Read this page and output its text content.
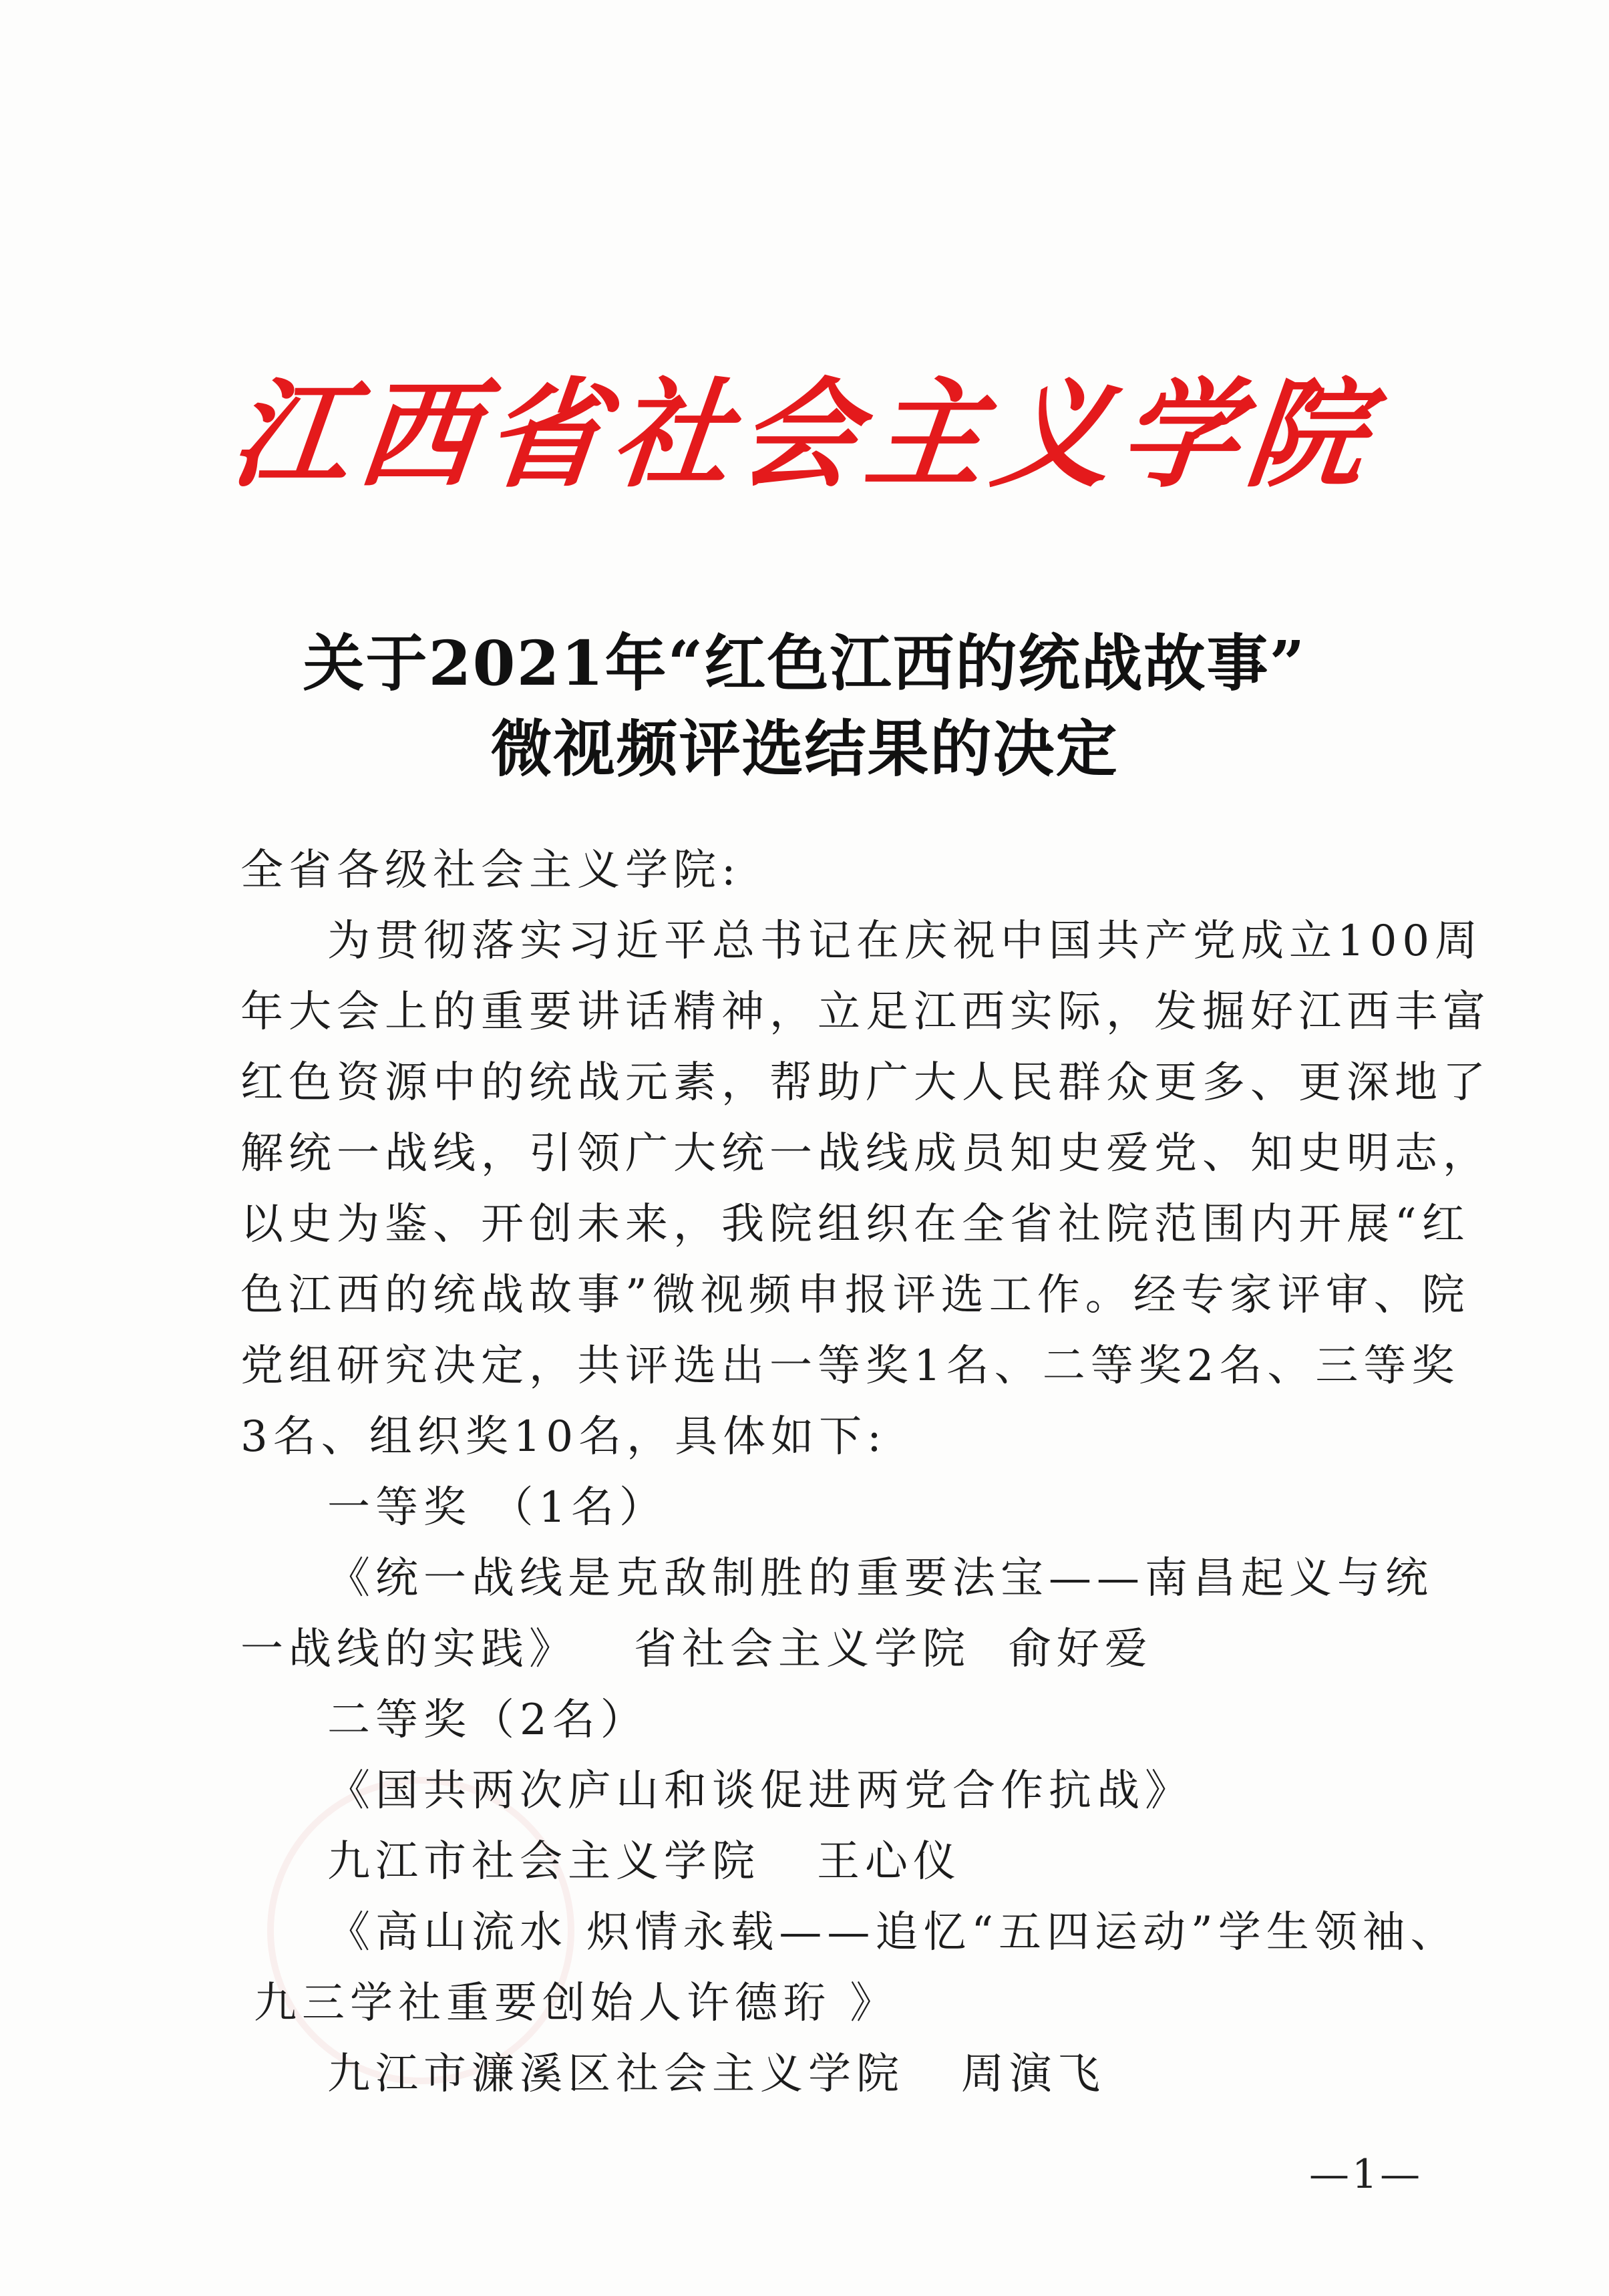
江西省社会主义学院
关于2021年“红色江西的统战故事”
微视频评选结果的决定
全省各级社会主义学院:
为贯彻落实习近平总书记在庆祝中国共产党成立100周
年大会上的重要讲话精神，立足江西实际，发掘好江西丰富
红色资源中的统战元素，帮助广大人民群众更多、更深地了
解统一战线，引领广大统一战线成员知史爱党、知史明志，
以史为鉴、开创未来，我院组织在全省社院范围内开展“红
色江西的统战故事”微视频申报评选工作。经专家评审、院
党组研究决定，共评选出一等奖1名、二等奖2名、三等奖
3名、组织奖10名，具体如下:
一等奖 （1名）
《统一战线是克敌制胜的重要法宝——南昌起义与统
一战线的实践》   省社会主义学院  俞好爱
二等奖（2名）
《国共两次庐山和谈促进两党合作抗战》
九江市社会主义学院   王心仪
《高山流水 炽情永载——追忆“五四运动”学生领袖、
九三学社重要创始人许德珩 》
九江市濂溪区社会主义学院   周演飞
—1—
